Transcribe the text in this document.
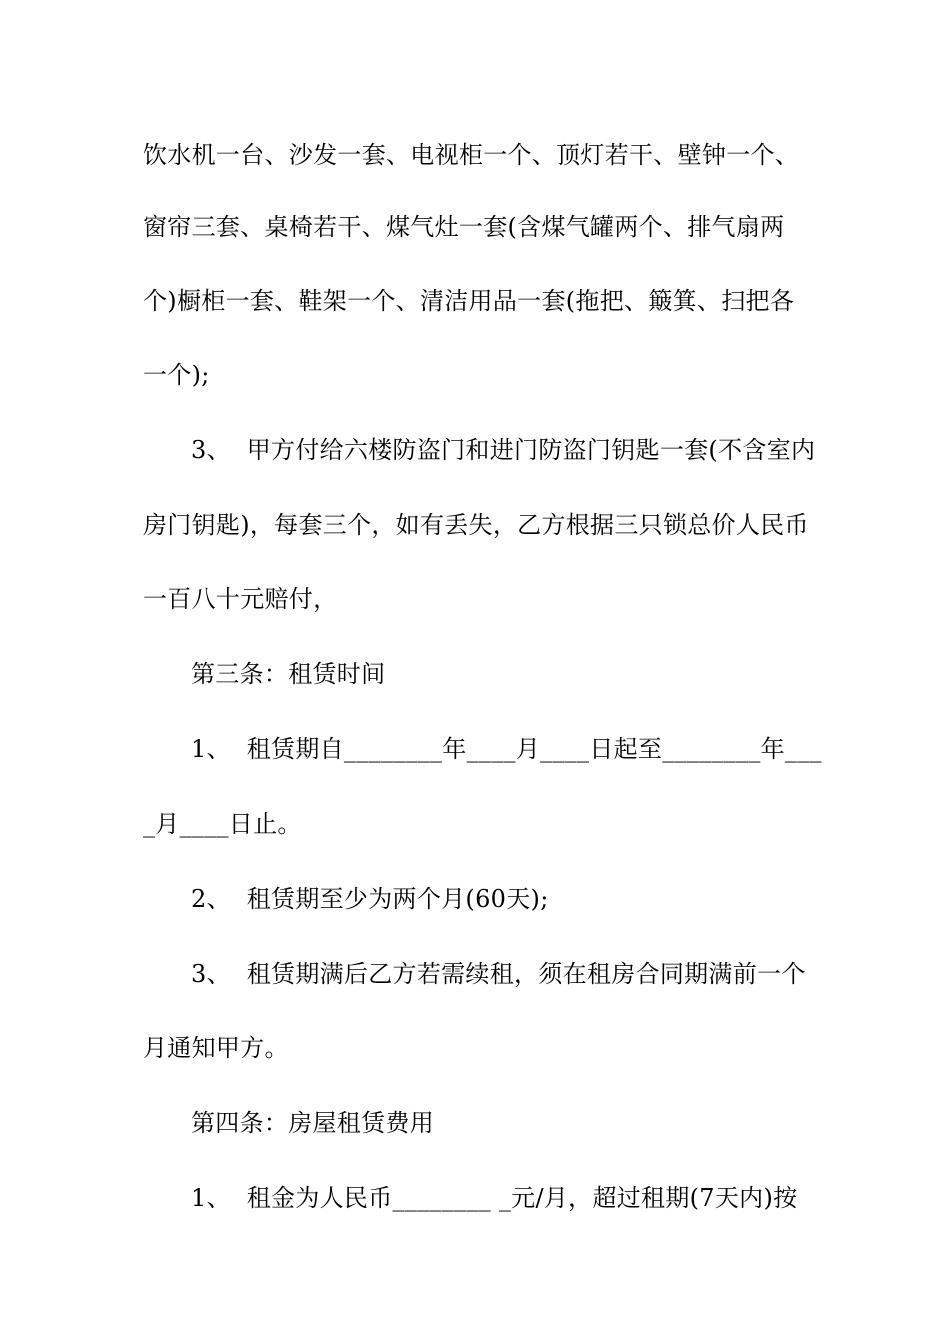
饮水机一台、沙发一套、电视柜一个、顶灯若干、壁钟一个、
窗帘三套、桌椅若干、煤气灶一套(含煤气罐两个、排气扇两
个)橱柜一套、鞋架一个、清洁用品一套(拖把、簸箕、扫把各
一个);
3、  甲方付给六楼防盗门和进门防盗门钥匙一套(不含室内
房门钥匙)，每套三个，如有丢失，乙方根据三只锁总价人民币
一百八十元赔付，
第三条：租赁时间
1、  租赁期自________年____月____日起至________年___
_月____日止。
2、  租赁期至少为两个月(60天);
3、  租赁期满后乙方若需续租，须在租房合同期满前一个
月通知甲方。
第四条：房屋租赁费用
1、  租金为人民币________ _元/月，超过租期(7天内)按
